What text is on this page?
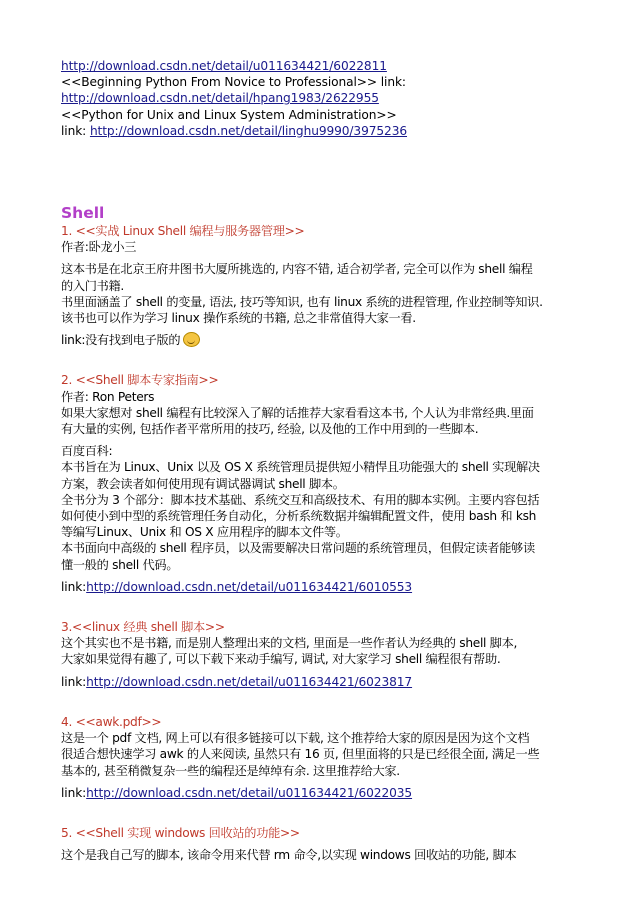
http://download.csdn.net/detail/u011634421/6022811
<<Beginning Python From Novice to Professional>> link:
http://download.csdn.net/detail/hpang1983/2622955
<<Python for Unix and Linux System Administration>>
link: http://download.csdn.net/detail/linghu9990/3975236
Shell
1. <<实战 Linux Shell 编程与服务器管理>>
作者:卧龙小三
这本书是在北京王府井图书大厦所挑选的, 内容不错, 适合初学者, 完全可以作为 shell 编程
的入门书籍.
书里面涵盖了 shell 的变量, 语法, 技巧等知识, 也有 linux 系统的进程管理, 作业控制等知识.
该书也可以作为学习 linux 操作系统的书籍, 总之非常值得大家一看.
link:没有找到电子版的
2. <<Shell 脚本专家指南>>
作者: Ron Peters
如果大家想对 shell 编程有比较深入了解的话推荐大家看看这本书, 个人认为非常经典.里面
有大量的实例, 包括作者平常所用的技巧, 经验, 以及他的工作中用到的一些脚本.
百度百科:
本书旨在为 Linux、Unix 以及 OS X 系统管理员提供短小精悍且功能强大的 shell 实现解决
方案，教会读者如何使用现有调试器调试 shell 脚本。
全书分为 3 个部分：脚本技术基础、系统交互和高级技术、有用的脚本实例。主要内容包括
如何使小到中型的系统管理任务自动化，分析系统数据并编辑配置文件，使用 bash 和 ksh
等编写Linux、Unix 和 OS X 应用程序的脚本文件等。
本书面向中高级的 shell 程序员，以及需要解决日常问题的系统管理员，但假定读者能够读
懂一般的 shell 代码。
link:http://download.csdn.net/detail/u011634421/6010553
3.<<linux 经典 shell 脚本>>
这个其实也不是书籍, 而是别人整理出来的文档, 里面是一些作者认为经典的 shell 脚本,
大家如果觉得有趣了, 可以下载下来动手编写, 调试, 对大家学习 shell 编程很有帮助.
link:http://download.csdn.net/detail/u011634421/6023817
4. <<awk.pdf>>
这是一个 pdf 文档, 网上可以有很多链接可以下载, 这个推荐给大家的原因是因为这个文档
很适合想快速学习 awk 的人来阅读, 虽然只有 16 页, 但里面将的只是已经很全面, 满足一些
基本的, 甚至稍微复杂一些的编程还是绰绰有余. 这里推荐给大家.
link:http://download.csdn.net/detail/u011634421/6022035
5. <<Shell 实现 windows 回收站的功能>>
这个是我自己写的脚本, 该命令用来代替 rm 命令,以实现 windows 回收站的功能, 脚本
